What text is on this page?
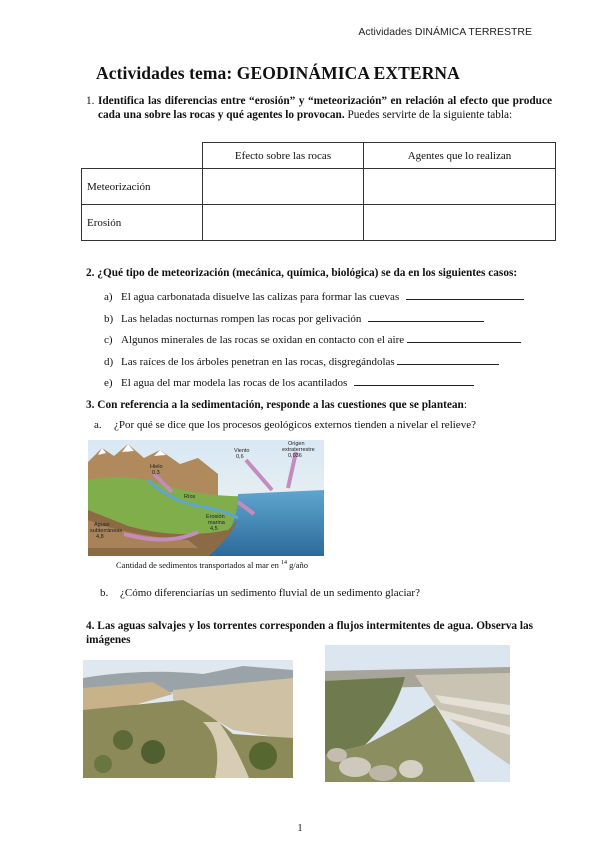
Actividades DINÁMICA TERRESTRE
Actividades tema: GEODINÁMICA EXTERNA
1. Identifica las diferencias entre “erosión” y “meteorización” en relación al efecto que produce cada una sobre las rocas y qué agentes lo provocan. Puedes servirte de la siguiente tabla:
	Efecto sobre las rocas	Agentes que lo realizan
Meteorización		
Erosión		
2. ¿Qué tipo de meteorización (mecánica, química, biológica) se da en los siguientes casos:
a) El agua carbonatada disuelve las calizas para formar las cuevas
b) Las heladas nocturnas rompen las rocas por gelivación
c) Algunos minerales de las rocas se oxidan en contacto con el aire
d) Las raíces de los árboles penetran en las rocas, disgregándolas
e) El agua del mar modela las rocas de los acantilados
3. Con referencia a la sedimentación, responde a las cuestiones que se plantean:
a. ¿Por qué se dice que los procesos geológicos externos tienden a nivelar el relieve?
Viento
0,6
Origen
extraterrestre
0,036
Hielo
0,3
Ríos
Erosión
marina
4,5
Aguas
subterráneas
4,8
Cantidad de sedimentos transportados al mar en $^{14}$ g/año
b. ¿Cómo diferenciarías un sedimento fluvial de un sedimento glaciar?
4. Las aguas salvajes y los torrentes corresponden a flujos intermitentes de agua. Observa las imágenes
1
